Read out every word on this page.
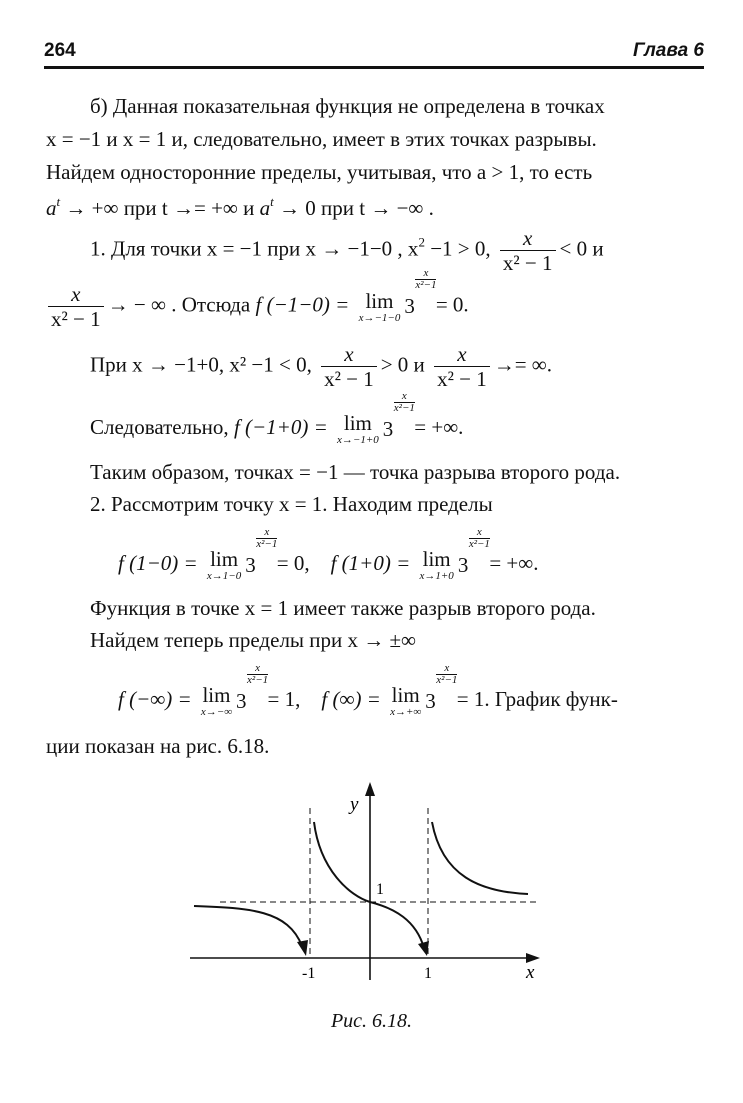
264	Глава 6
б) Данная показательная функция не определена в точках
x = −1 и x = 1 и, следовательно, имеет в этих точках разрывы.
Найдем односторонние пределы, учитывая, что a > 1, то есть
$a^t$ → +∞ при t →= +∞ и $a^t \to 0$ при t → −∞ .
1. Для точки x = −1 при x → −1−0 , $x^2 -1 > 0$, $\frac{x}{\text{x² − 1}} < 0$ и
$\frac{x}{\text{x² − 1}}$ → − ∞ . Отсюда f (−1−0) = lim
x→−1−0 3
x
x²−1
= 0.
При x → −1+0, x² −1 < 0, $\frac{x}{\text{x² − 1}} > 0$ и $\frac{x}{\text{x² − 1}}$ →= ∞.
Следовательно, f (−1+0) = lim
x→−1+0 3
x
x²−1
= +∞.
Таким образом, точкаx = −1 — точка разрыва второго рода.
2. Рассмотрим точку x = 1. Находим пределы
f (1−0) = lim
x→1−0 3
x
x²−1
= 0, f (1+0) = lim
x→1+0 3
x
x²−1
= +∞.
Функция в точке x = 1 имеет также разрыв второго рода.
Найдем теперь пределы при x → ±∞
f (−∞) = lim
x→−∞ 3
x
x²−1
= 1, f (∞) = lim
x→+∞ 3
x
x²−1
= 1. График функ-
ции показан на рис. 6.18.
y
x
-1	1
1
Рис. 6.18.
